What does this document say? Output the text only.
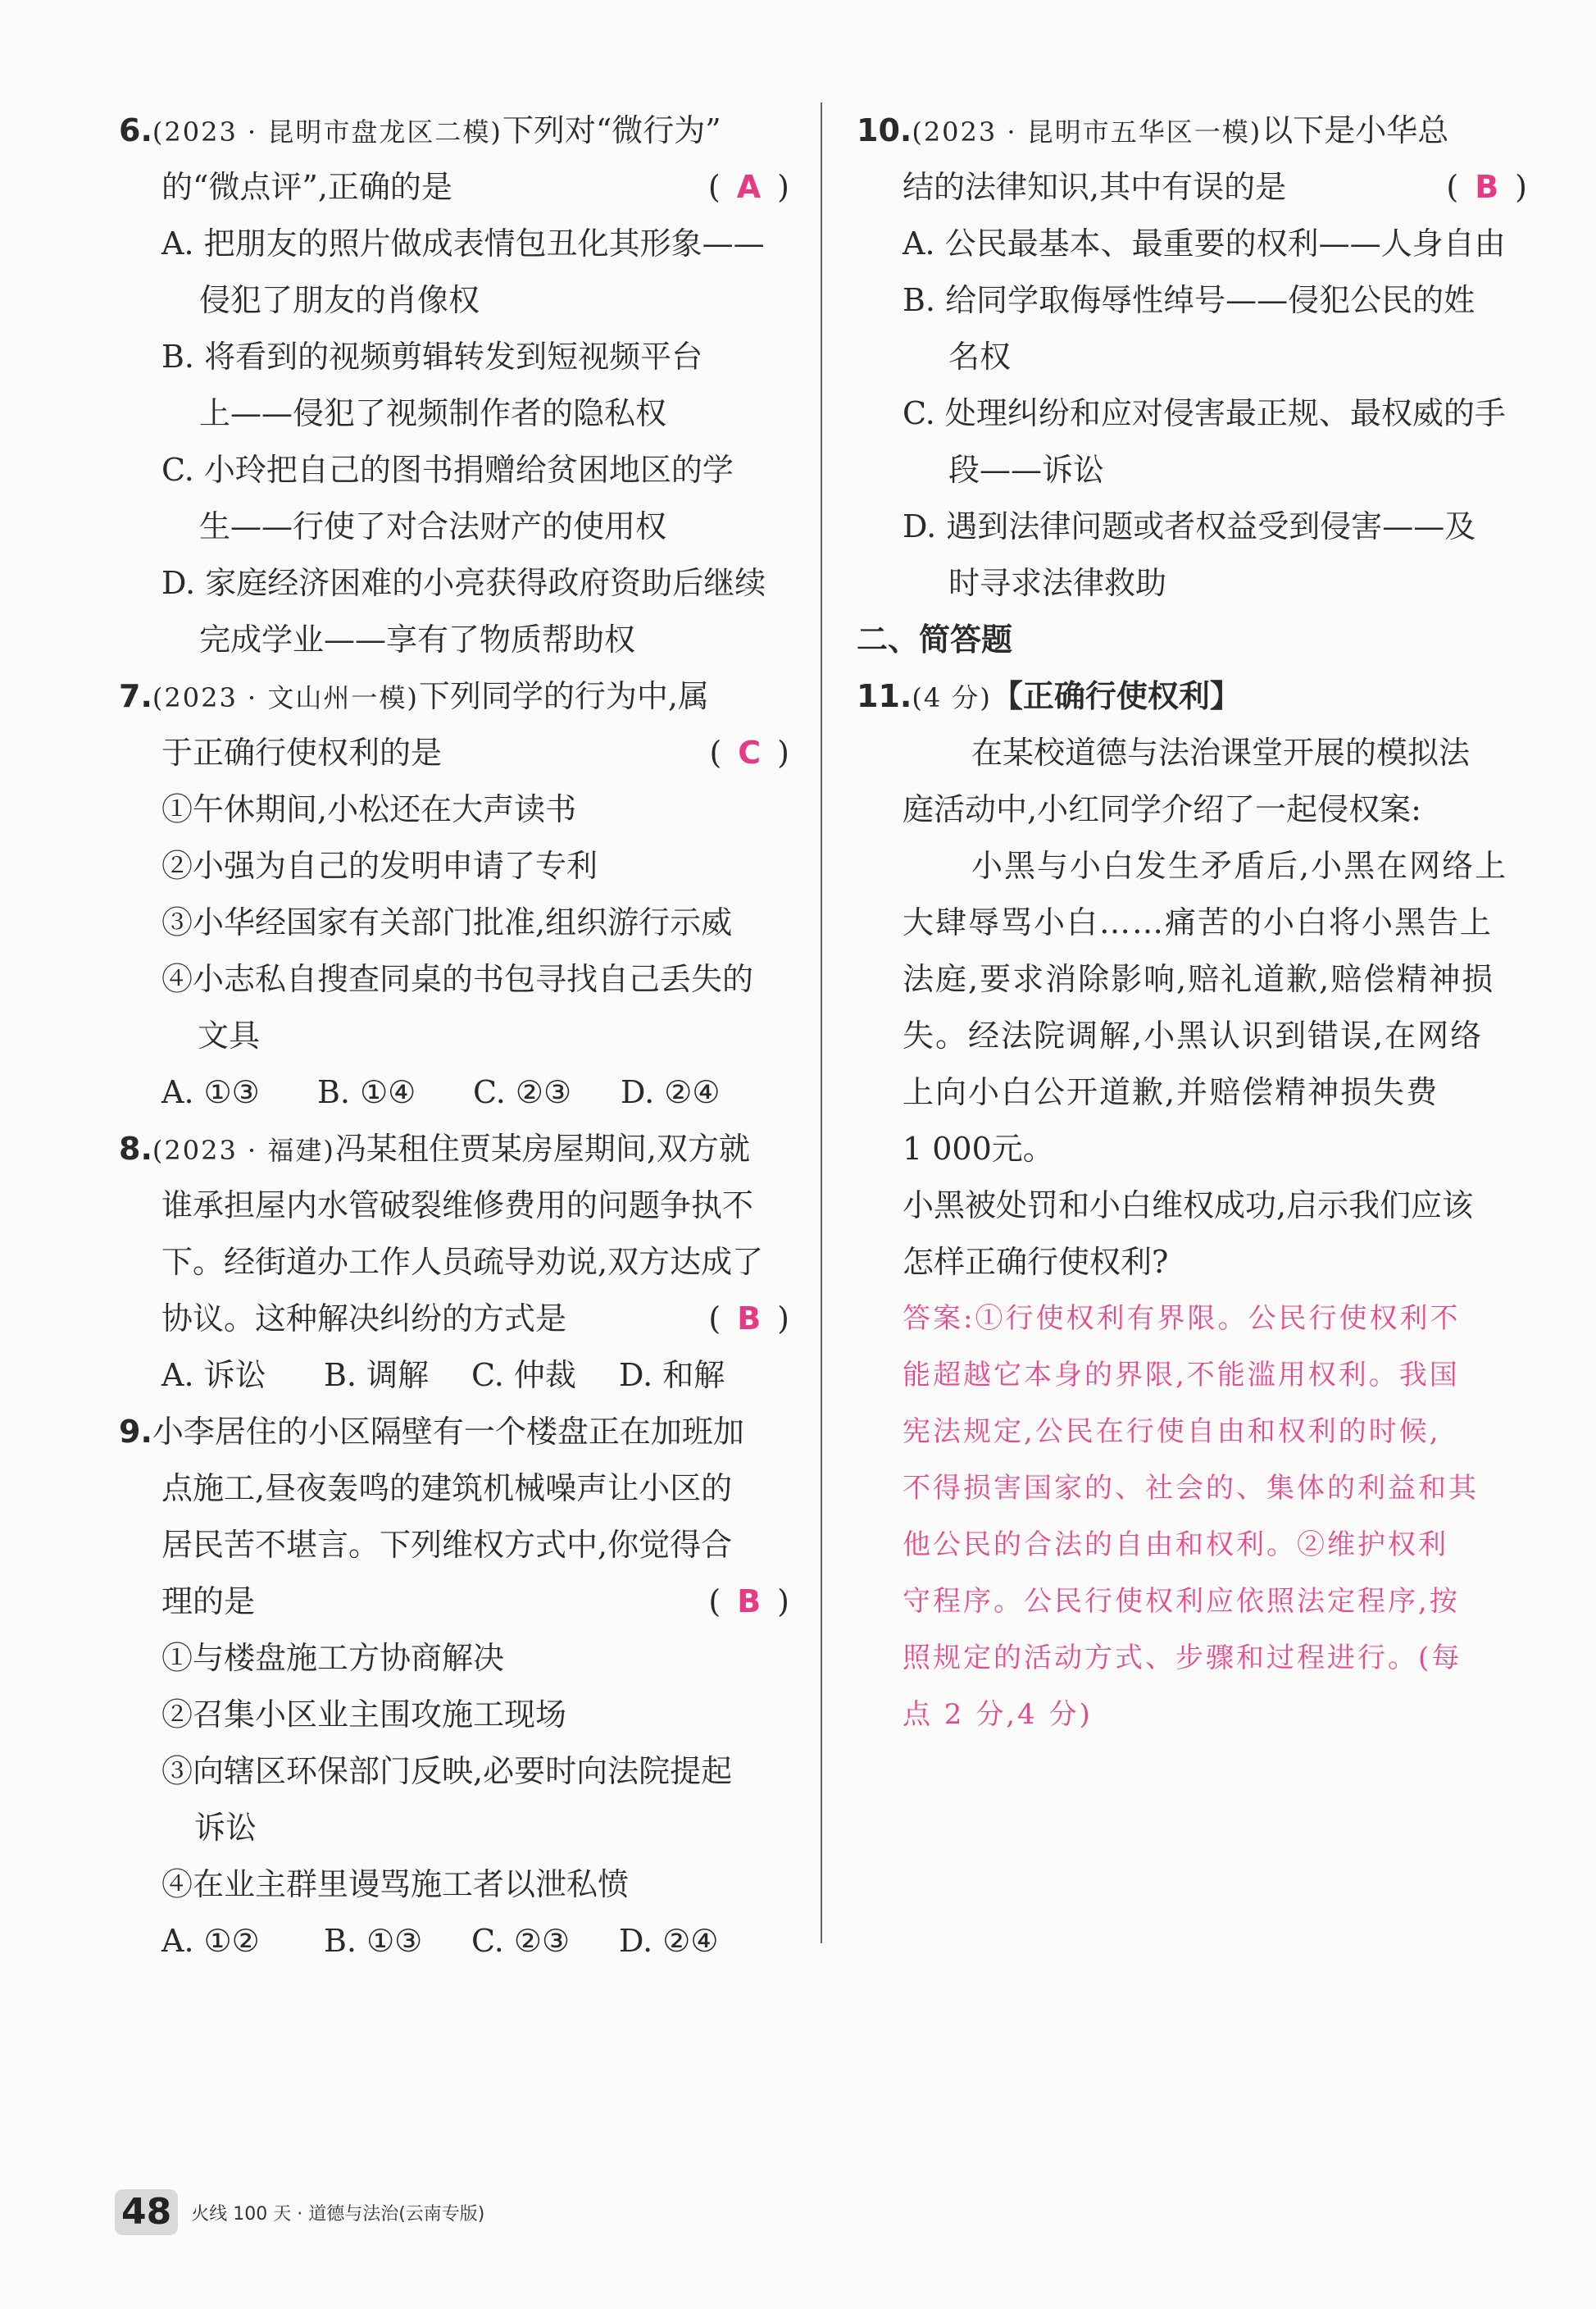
6.(2023 · 昆明市盘龙区二模)下列对“微行为”
的“微点评”,正确的是	( A )
A. 把朋友的照片做成表情包丑化其形象——
侵犯了朋友的肖像权
B. 将看到的视频剪辑转发到短视频平台
上——侵犯了视频制作者的隐私权
C. 小玲把自己的图书捐赠给贫困地区的学
生——行使了对合法财产的使用权
D. 家庭经济困难的小亮获得政府资助后继续
完成学业——享有了物质帮助权
7.(2023 · 文山州一模)下列同学的行为中,属
于正确行使权利的是	( C )
①午休期间,小松还在大声读书
②小强为自己的发明申请了专利
③小华经国家有关部门批准,组织游行示威
④小志私自搜查同桌的书包寻找自己丢失的
文具
A. ①③ B. ①④ C. ②③ D. ②④
8.(2023 · 福建)冯某租住贾某房屋期间,双方就
谁承担屋内水管破裂维修费用的问题争执不
下。经街道办工作人员疏导劝说,双方达成了
协议。这种解决纠纷的方式是	( B )
A. 诉讼 B. 调解 C. 仲裁 D. 和解
9.小李居住的小区隔壁有一个楼盘正在加班加
点施工,昼夜轰鸣的建筑机械噪声让小区的
居民苦不堪言。下列维权方式中,你觉得合
理的是	( B )
①与楼盘施工方协商解决
②召集小区业主围攻施工现场
③向辖区环保部门反映,必要时向法院提起
诉讼
④在业主群里谩骂施工者以泄私愤
A. ①② B. ①③ C. ②③ D. ②④
10.(2023 · 昆明市五华区一模)以下是小华总
结的法律知识,其中有误的是	( B )
A. 公民最基本、最重要的权利——人身自由
B. 给同学取侮辱性绰号——侵犯公民的姓
名权
C. 处理纠纷和应对侵害最正规、最权威的手
段——诉讼
D. 遇到法律问题或者权益受到侵害——及
时寻求法律救助
二、简答题
11.(4 分)【正确行使权利】
在某校道德与法治课堂开展的模拟法
庭活动中,小红同学介绍了一起侵权案:
小黑与小白发生矛盾后,小黑在网络上
大肆辱骂小白……痛苦的小白将小黑告上
法庭,要求消除影响,赔礼道歉,赔偿精神损
失。经法院调解,小黑认识到错误,在网络
上向小白公开道歉,并赔偿精神损失费
1 000元。
小黑被处罚和小白维权成功,启示我们应该
怎样正确行使权利?
答案:①行使权利有界限。公民行使权利不
能超越它本身的界限,不能滥用权利。我国
宪法规定,公民在行使自由和权利的时候,
不得损害国家的、社会的、集体的利益和其
他公民的合法的自由和权利。②维护权利
守程序。公民行使权利应依照法定程序,按
照规定的活动方式、步骤和过程进行。(每
点 2 分,4 分)
48	火线 100 天 · 道德与法治(云南专版)
